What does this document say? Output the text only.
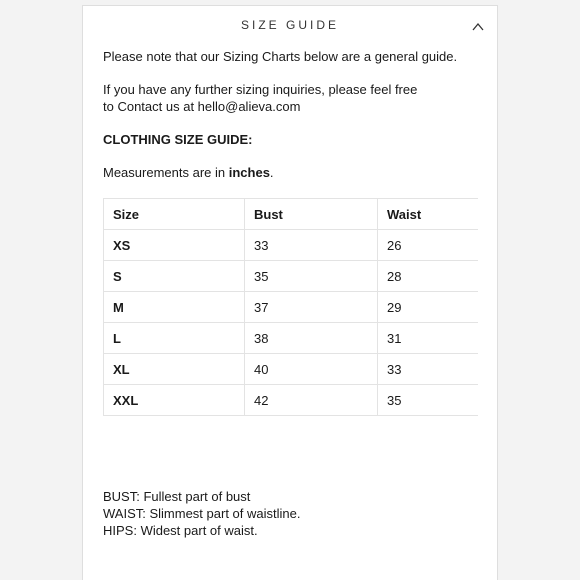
SIZE GUIDE

Please note that our Sizing Charts below are a general guide.

If you have any further sizing inquiries, please feel free
to Contact us at hello@alieva.com

CLOTHING SIZE GUIDE:

Measurements are in inches.

Size	Bust	Waist
XS	33	26
S	35	28
M	37	29
L	38	31
XL	40	33
XXL	42	35
BUST: Fullest part of bust
WAIST: Slimmest part of waistline.
HIPS: Widest part of waist.
